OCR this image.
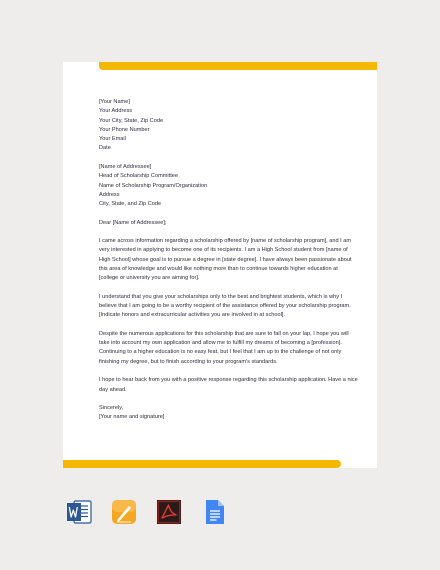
[Your Name]
Your Address
Your City, State, Zip Code
Your Phone Number
Your Email
Date
[Name of Addressee]
Head of Scholarship Committee
Name of Scholarship Program/Organization
Address
City, State, and Zip Code
Dear [Name of Addressee];
I came across information regarding a scholarship offered by [name of scholarship program], and I am
very interested in applying to become one of its recipients. I am a High School student from [name of
High School] whose goal is to pursue a degree in [state degree]. I have always been passionate about
this area of knowledge and would like nothing more than to continue towards higher education at
[college or university you are aiming for].
I understand that you give your scholarships only to the best and brightest students, which is why I
believe that I am going to be a worthy recipient of the assistance offered by your scholarship program.
[Indicate honors and extracurricular activities you are involved in at school].
Despite the numerous applications for this scholarship that are sure to fall on your lap, I hope you will
take into account my own application and allow me to fulfill my dreams of becoming a [profession].
Continuing to a higher education is no easy feat, but I feel that I am up to the challenge of not only
finishing my degree, but to finish according to your program's standards.
I hope to hear back from you with a positive response regarding this scholarship application. Have a nice
day ahead.
Sincerely,
[Your name and signature]
